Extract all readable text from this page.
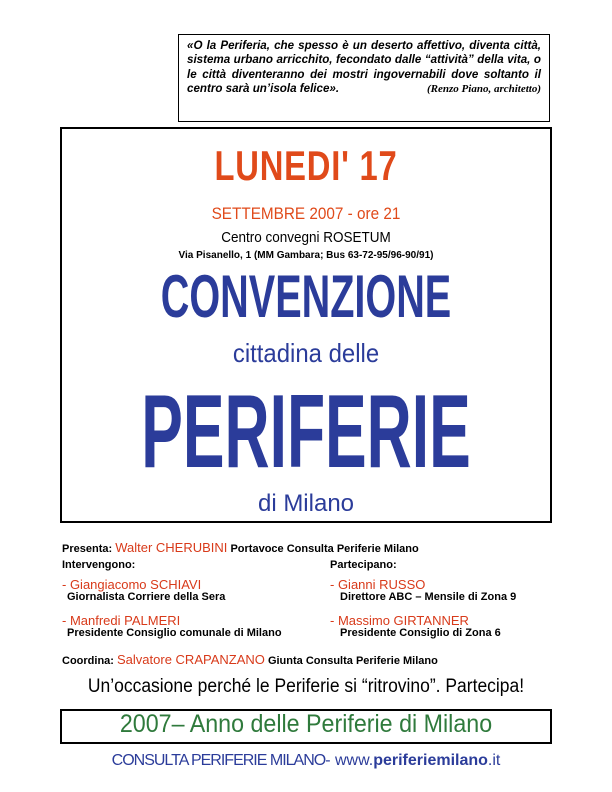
«O la Periferia, che spesso è un deserto affettivo, diventa città, sistema urbano arricchito, fecondato dalle “attività” della vita, o le città diventeranno dei mostri ingovernabili dove soltanto il centro sarà un’isola felice».	(Renzo Piano, architetto)
LUNEDI' 17
SETTEMBRE 2007 - ore 21
Centro convegni ROSETUM
Via Pisanello, 1 (MM Gambara; Bus 63-72-95/96-90/91)
CONVENZIONE
cittadina delle
PERIFERIE
di Milano
Presenta: Walter CHERUBINI Portavoce Consulta Periferie Milano
Intervengono:	Partecipano:
- Giangiacomo SCHIAVI
Giornalista Corriere della Sera
- Manfredi PALMERI
Presidente Consiglio comunale di Milano
- Gianni RUSSO
Direttore ABC – Mensile di Zona 9
- Massimo GIRTANNER
Presidente Consiglio di Zona 6
Coordina: Salvatore CRAPANZANO Giunta Consulta Periferie Milano
Un’occasione perché le Periferie si “ritrovino”. Partecipa!
2007– Anno delle Periferie di Milano
CONSULTA PERIFERIE MILANO- www.periferiemilano.it
